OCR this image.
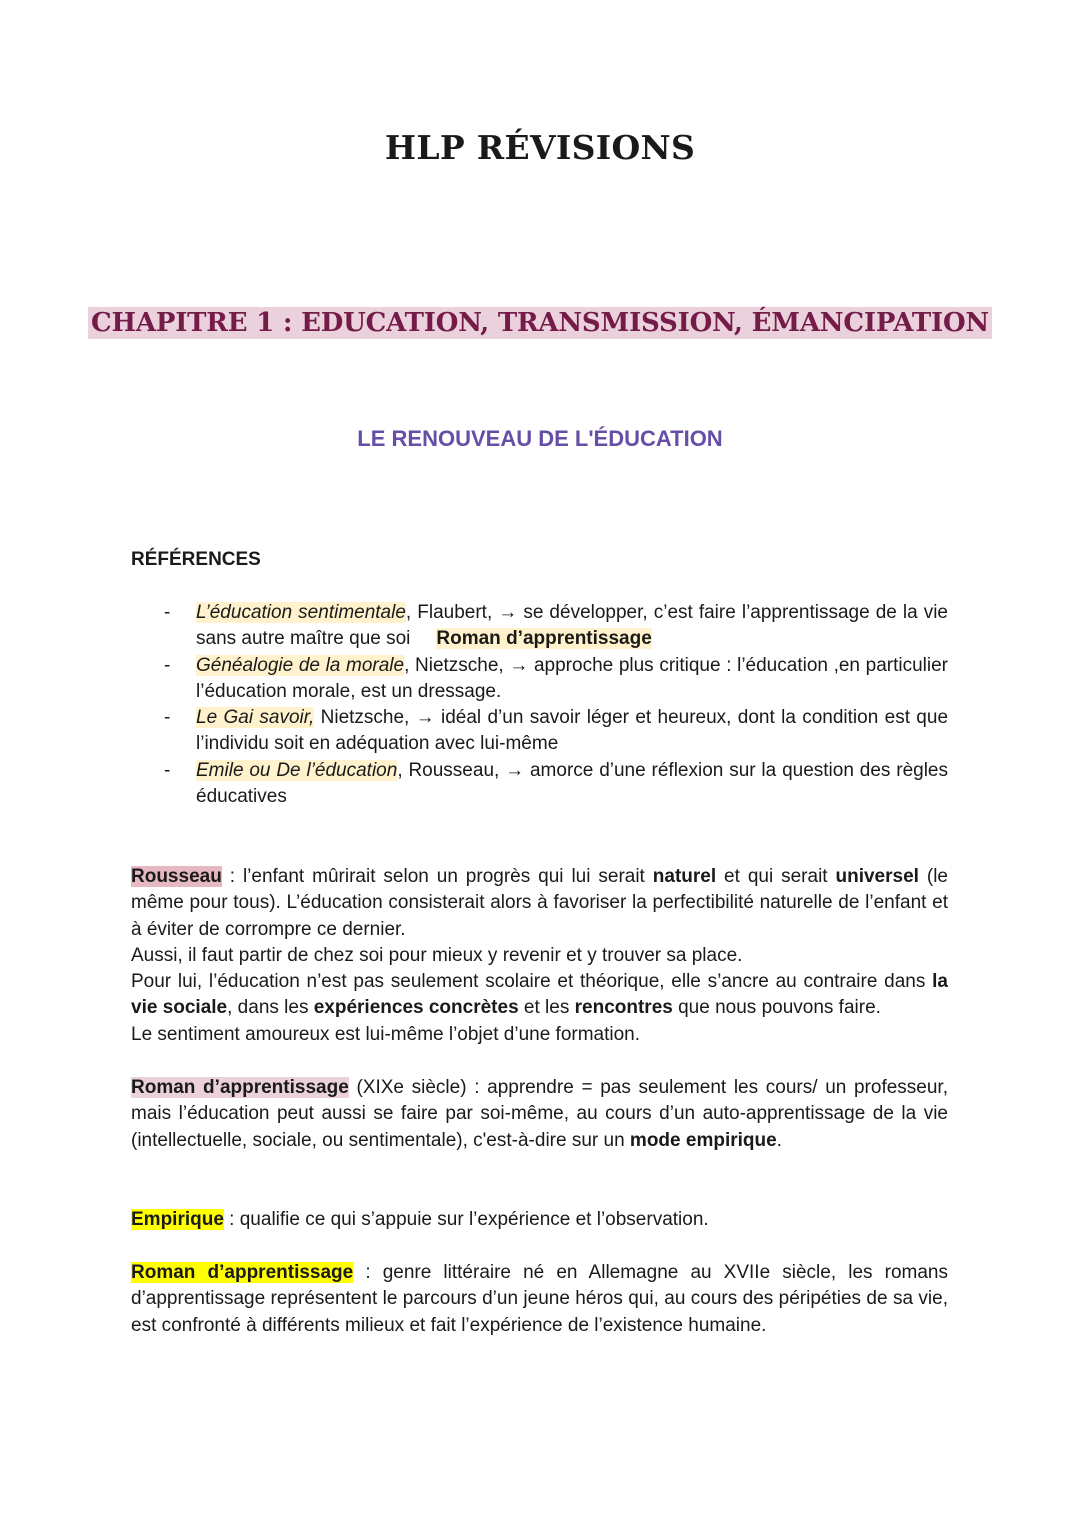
HLP RÉVISIONS
CHAPITRE 1 : EDUCATION, TRANSMISSION, ÉMANCIPATION
LE RENOUVEAU DE L'ÉDUCATION
RÉFÉRENCES
- L’éducation sentimentale, Flaubert, → se développer, c’est faire l’apprentissage de la vie sans autre maître que soi Roman d’apprentissage
- Généalogie de la morale, Nietzsche, → approche plus critique : l’éducation ,en particulier l’éducation morale, est un dressage.
- Le Gai savoir, Nietzsche, → idéal d’un savoir léger et heureux, dont la condition est que l’individu soit en adéquation avec lui-même
- Emile ou De l’éducation, Rousseau, → amorce d’une réflexion sur la question des règles éducatives
Rousseau : l’enfant mûrirait selon un progrès qui lui serait naturel et qui serait universel (le même pour tous). L’éducation consisterait alors à favoriser la perfectibilité naturelle de l’enfant et à éviter de corrompre ce dernier.
Aussi, il faut partir de chez soi pour mieux y revenir et y trouver sa place.
Pour lui, l’éducation n’est pas seulement scolaire et théorique, elle s’ancre au contraire dans la vie sociale, dans les expériences concrètes et les rencontres que nous pouvons faire.
Le sentiment amoureux est lui-même l’objet d’une formation.

Roman d’apprentissage (XIXe siècle) : apprendre = pas seulement les cours/ un professeur, mais l’éducation peut aussi se faire par soi-même, au cours d’un auto-apprentissage de la vie (intellectuelle, sociale, ou sentimentale), c'est-à-dire sur un mode empirique.

Empirique : qualifie ce qui s’appuie sur l’expérience et l’observation.

Roman d’apprentissage : genre littéraire né en Allemagne au XVIIe siècle, les romans d’apprentissage représentent le parcours d’un jeune héros qui, au cours des péripéties de sa vie, est confronté à différents milieux et fait l’expérience de l’existence humaine.
